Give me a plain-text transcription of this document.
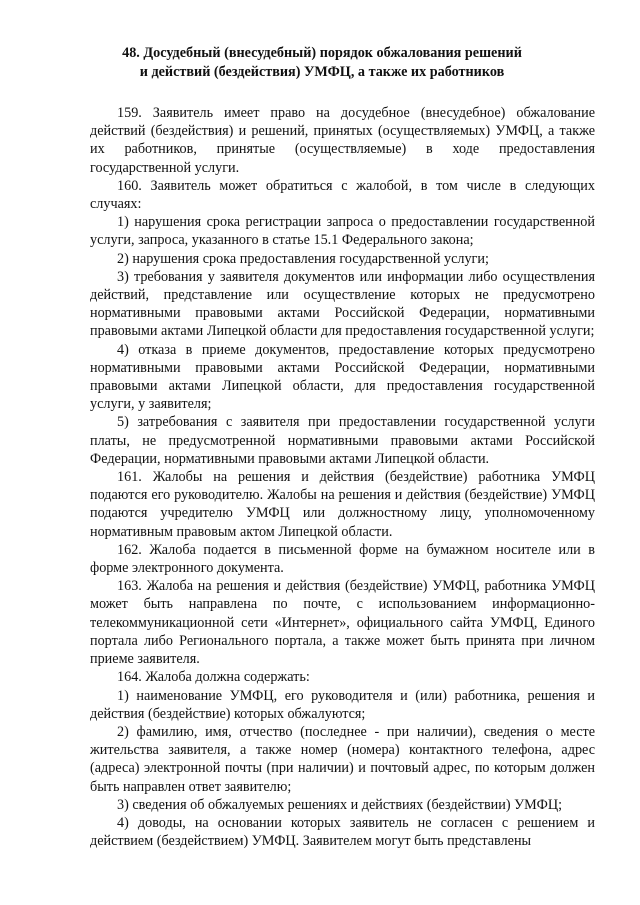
48. Досудебный (внесудебный) порядок обжалования решений
и действий (бездействия) УМФЦ, а также их работников

159. Заявитель имеет право на досудебное (внесудебное) обжалование действий (бездействия) и решений, принятых (осуществляемых) УМФЦ, а также их работников, принятые (осуществляемые) в ходе предоставления государственной услуги.

160. Заявитель может обратиться с жалобой, в том числе в следующих случаях:

1) нарушения срока регистрации запроса о предоставлении государственной услуги, запроса, указанного в статье 15.1 Федерального закона;

2) нарушения срока предоставления государственной услуги;

3) требования у заявителя документов или информации либо осуществления действий, представление или осуществление которых не предусмотрено нормативными правовыми актами Российской Федерации, нормативными правовыми актами Липецкой области для предоставления государственной услуги;

4) отказа в приеме документов, предоставление которых предусмотрено нормативными правовыми актами Российской Федерации, нормативными правовыми актами Липецкой области, для предоставления государственной услуги, у заявителя;

5) затребования с заявителя при предоставлении государственной услуги платы, не предусмотренной нормативными правовыми актами Российской Федерации, нормативными правовыми актами Липецкой области.

161. Жалобы на решения и действия (бездействие) работника УМФЦ подаются его руководителю. Жалобы на решения и действия (бездействие) УМФЦ подаются учредителю УМФЦ или должностному лицу, уполномоченному нормативным правовым актом Липецкой области.

162. Жалоба подается в письменной форме на бумажном носителе или в форме электронного документа.

163. Жалоба на решения и действия (бездействие) УМФЦ, работника УМФЦ может быть направлена по почте, с использованием информационно-телекоммуникационной сети «Интернет», официального сайта УМФЦ, Единого портала либо Регионального портала, а также может быть принята при личном приеме заявителя.

164. Жалоба должна содержать:

1) наименование УМФЦ, его руководителя и (или) работника, решения и действия (бездействие) которых обжалуются;

2) фамилию, имя, отчество (последнее - при наличии), сведения о месте жительства заявителя, а также номер (номера) контактного телефона, адрес (адреса) электронной почты (при наличии) и почтовый адрес, по которым должен быть направлен ответ заявителю;

3) сведения об обжалуемых решениях и действиях (бездействии) УМФЦ;

4) доводы, на основании которых заявитель не согласен с решением и действием (бездействием) УМФЦ. Заявителем могут быть представлены
